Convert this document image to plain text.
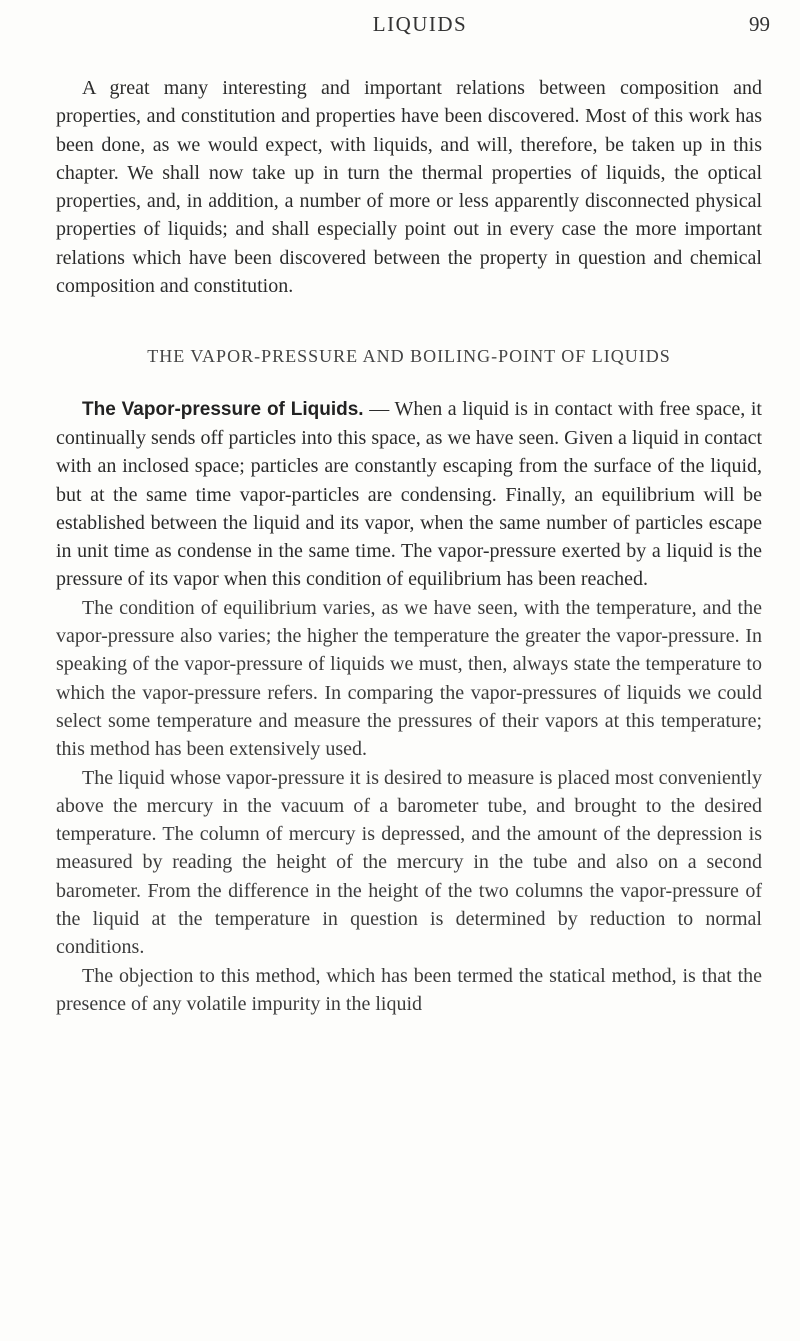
LIQUIDS	99

A great many interesting and important relations between composition and properties, and constitution and properties have been discovered. Most of this work has been done, as we would expect, with liquids, and will, therefore, be taken up in this chapter. We shall now take up in turn the thermal properties of liquids, the optical properties, and, in addition, a number of more or less apparently disconnected physical properties of liquids; and shall especially point out in every case the more important relations which have been discovered between the property in question and chemical composition and constitution.

THE VAPOR-PRESSURE AND BOILING-POINT OF LIQUIDS

The Vapor-pressure of Liquids. — When a liquid is in contact with free space, it continually sends off particles into this space, as we have seen. Given a liquid in contact with an inclosed space; particles are constantly escaping from the surface of the liquid, but at the same time vapor-particles are condensing. Finally, an equilibrium will be established between the liquid and its vapor, when the same number of particles escape in unit time as condense in the same time. The vapor-pressure exerted by a liquid is the pressure of its vapor when this condition of equilibrium has been reached.

The condition of equilibrium varies, as we have seen, with the temperature, and the vapor-pressure also varies; the higher the temperature the greater the vapor-pressure. In speaking of the vapor-pressure of liquids we must, then, always state the temperature to which the vapor-pressure refers. In comparing the vapor-pressures of liquids we could select some temperature and measure the pressures of their vapors at this temperature; this method has been extensively used.

The liquid whose vapor-pressure it is desired to measure is placed most conveniently above the mercury in the vacuum of a barometer tube, and brought to the desired temperature. The column of mercury is depressed, and the amount of the depression is measured by reading the height of the mercury in the tube and also on a second barometer. From the difference in the height of the two columns the vapor-pressure of the liquid at the temperature in question is determined by reduction to normal conditions.

The objection to this method, which has been termed the statical method, is that the presence of any volatile impurity in the liquid
